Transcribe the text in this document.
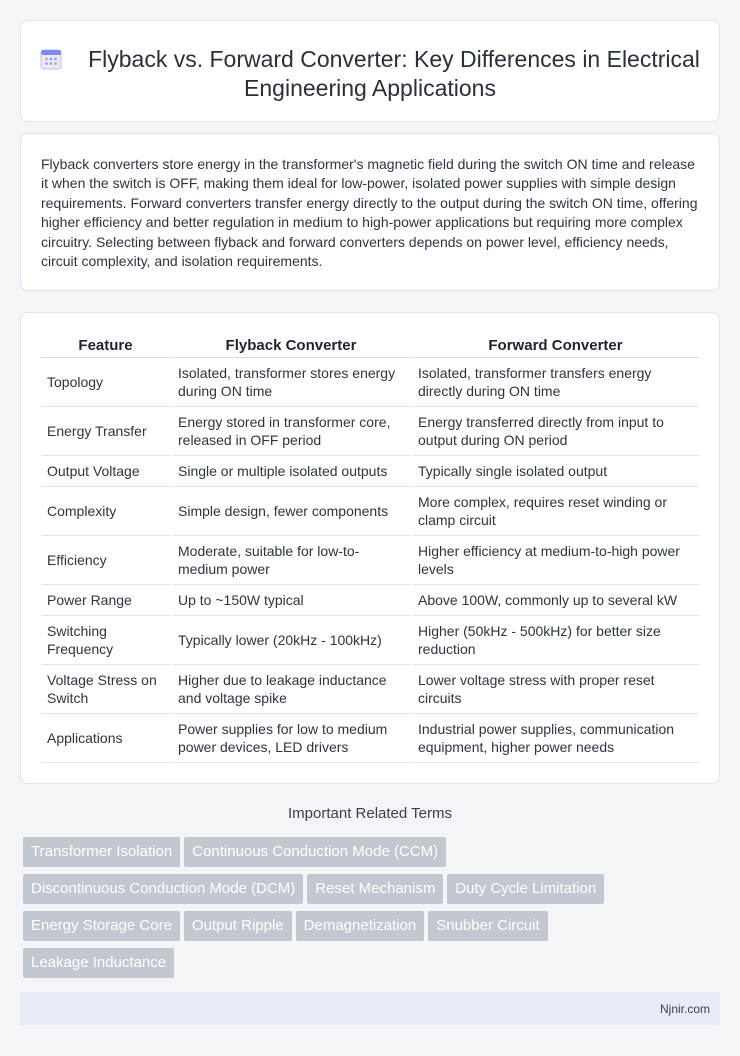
Flyback vs. Forward Converter: Key Differences in Electrical Engineering Applications

Flyback converters store energy in the transformer's magnetic field during the switch ON time and release it when the switch is OFF, making them ideal for low-power, isolated power supplies with simple design requirements. Forward converters transfer energy directly to the output during the switch ON time, offering higher efficiency and better regulation in medium to high-power applications but requiring more complex circuitry. Selecting between flyback and forward converters depends on power level, efficiency needs, circuit complexity, and isolation requirements.

Feature	Flyback Converter	Forward Converter
Topology	Isolated, transformer stores energy during ON time	Isolated, transformer transfers energy directly during ON time
Energy Transfer	Energy stored in transformer core, released in OFF period	Energy transferred directly from input to output during ON period
Output Voltage	Single or multiple isolated outputs	Typically single isolated output
Complexity	Simple design, fewer components	More complex, requires reset winding or clamp circuit
Efficiency	Moderate, suitable for low-to-medium power	Higher efficiency at medium-to-high power levels
Power Range	Up to ~150W typical	Above 100W, commonly up to several kW
Switching Frequency	Typically lower (20kHz - 100kHz)	Higher (50kHz - 500kHz) for better size reduction
Voltage Stress on Switch	Higher due to leakage inductance and voltage spike	Lower voltage stress with proper reset circuits
Applications	Power supplies for low to medium power devices, LED drivers	Industrial power supplies, communication equipment, higher power needs
Important Related Terms
Transformer Isolation Continuous Conduction Mode (CCM)
Discontinuous Conduction Mode (DCM) Reset Mechanism Duty Cycle Limitation
Energy Storage Core Output Ripple Demagnetization Snubber Circuit
Leakage Inductance
Njnir.com
